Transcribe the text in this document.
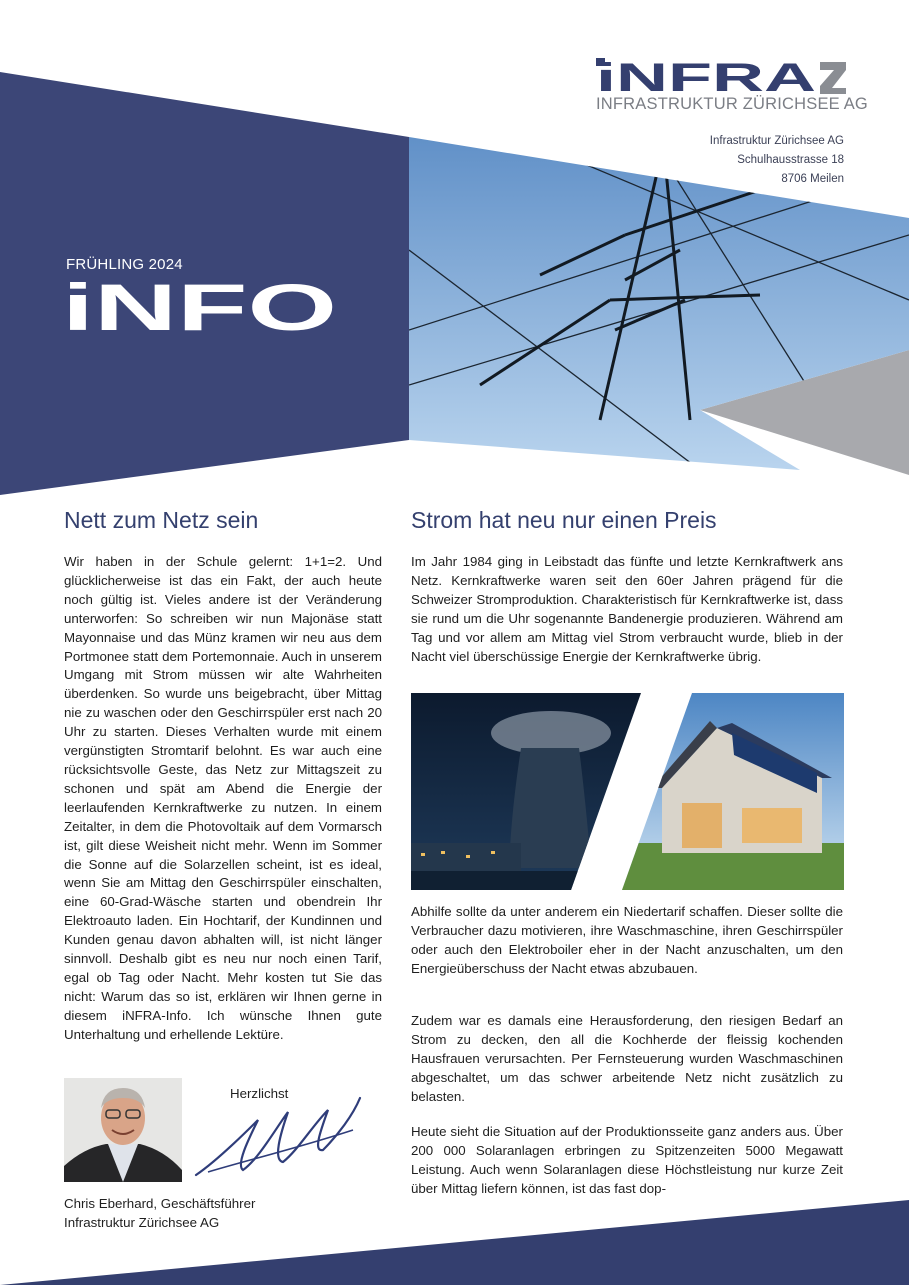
iNFRA
INFRASTRUKTUR ZÜRICHSEE AG
Infrastruktur Zürichsee AG
Schulhausstrasse 18
8706 Meilen
FRÜHLING 2024
iNFO
Nett zum Netz sein
Wir haben in der Schule gelernt: 1+1=2. Und glücklicherweise ist das ein Fakt, der auch heute noch gültig ist. Vieles andere ist der Veränderung unterworfen: So schreiben wir nun Majonäse statt Mayonnaise und das Münz kramen wir neu aus dem Portmonee statt dem Portemonnaie. Auch in unserem Umgang mit Strom müssen wir alte Wahrheiten überdenken. So wurde uns beigebracht, über Mittag nie zu waschen oder den Geschirrspüler erst nach 20 Uhr zu starten. Dieses Verhalten wurde mit einem vergünstigten Stromtarif belohnt. Es war auch eine rücksichtsvolle Geste, das Netz zur Mittagszeit zu schonen und spät am Abend die Energie der leerlaufenden Kernkraftwerke zu nutzen. In einem Zeitalter, in dem die Photovoltaik auf dem Vormarsch ist, gilt diese Weisheit nicht mehr. Wenn im Sommer die Sonne auf die Solarzellen scheint, ist es ideal, wenn Sie am Mittag den Geschirrspüler einschalten, eine 60-Grad-Wäsche starten und obendrein Ihr Elektroauto laden. Ein Hochtarif, der Kundinnen und Kunden genau davon abhalten will, ist nicht länger sinnvoll. Deshalb gibt es neu nur noch einen Tarif, egal ob Tag oder Nacht. Mehr kosten tut Sie das nicht: Warum das so ist, erklären wir Ihnen gerne in diesem iNFRA-Info. Ich wünsche Ihnen gute Unterhaltung und erhellende Lektüre.
Herzlichst
Chris Eberhard, Geschäftsführer
Infrastruktur Zürichsee AG
Strom hat neu nur einen Preis
Im Jahr 1984 ging in Leibstadt das fünfte und letzte Kernkraftwerk ans Netz. Kernkraftwerke waren seit den 60er Jahren prägend für die Schweizer Stromproduktion. Charakteristisch für Kernkraftwerke ist, dass sie rund um die Uhr sogenannte Bandenergie produzieren. Während am Tag und vor allem am Mittag viel Strom verbraucht wurde, blieb in der Nacht viel überschüssige Energie der Kernkraftwerke übrig.
Abhilfe sollte da unter anderem ein Niedertarif schaffen. Dieser sollte die Verbraucher dazu motivieren, ihre Waschmaschine, ihren Geschirrspüler oder auch den Elektroboiler eher in der Nacht anzuschalten, um den Energieüberschuss der Nacht etwas abzubauen.
Zudem war es damals eine Herausforderung, den riesigen Bedarf an Strom zu decken, den all die Kochherde der fleissig kochenden Hausfrauen verursachten. Per Fernsteuerung wurden Waschmaschinen abgeschaltet, um das schwer arbeitende Netz nicht zusätzlich zu belasten.
Heute sieht die Situation auf der Produktionsseite ganz anders aus. Über 200 000 Solaranlagen erbringen zu Spitzenzeiten 5000 Megawatt Leistung. Auch wenn Solaranlagen diese Höchstleistung nur kurze Zeit über Mittag liefern können, ist das fast dop-
